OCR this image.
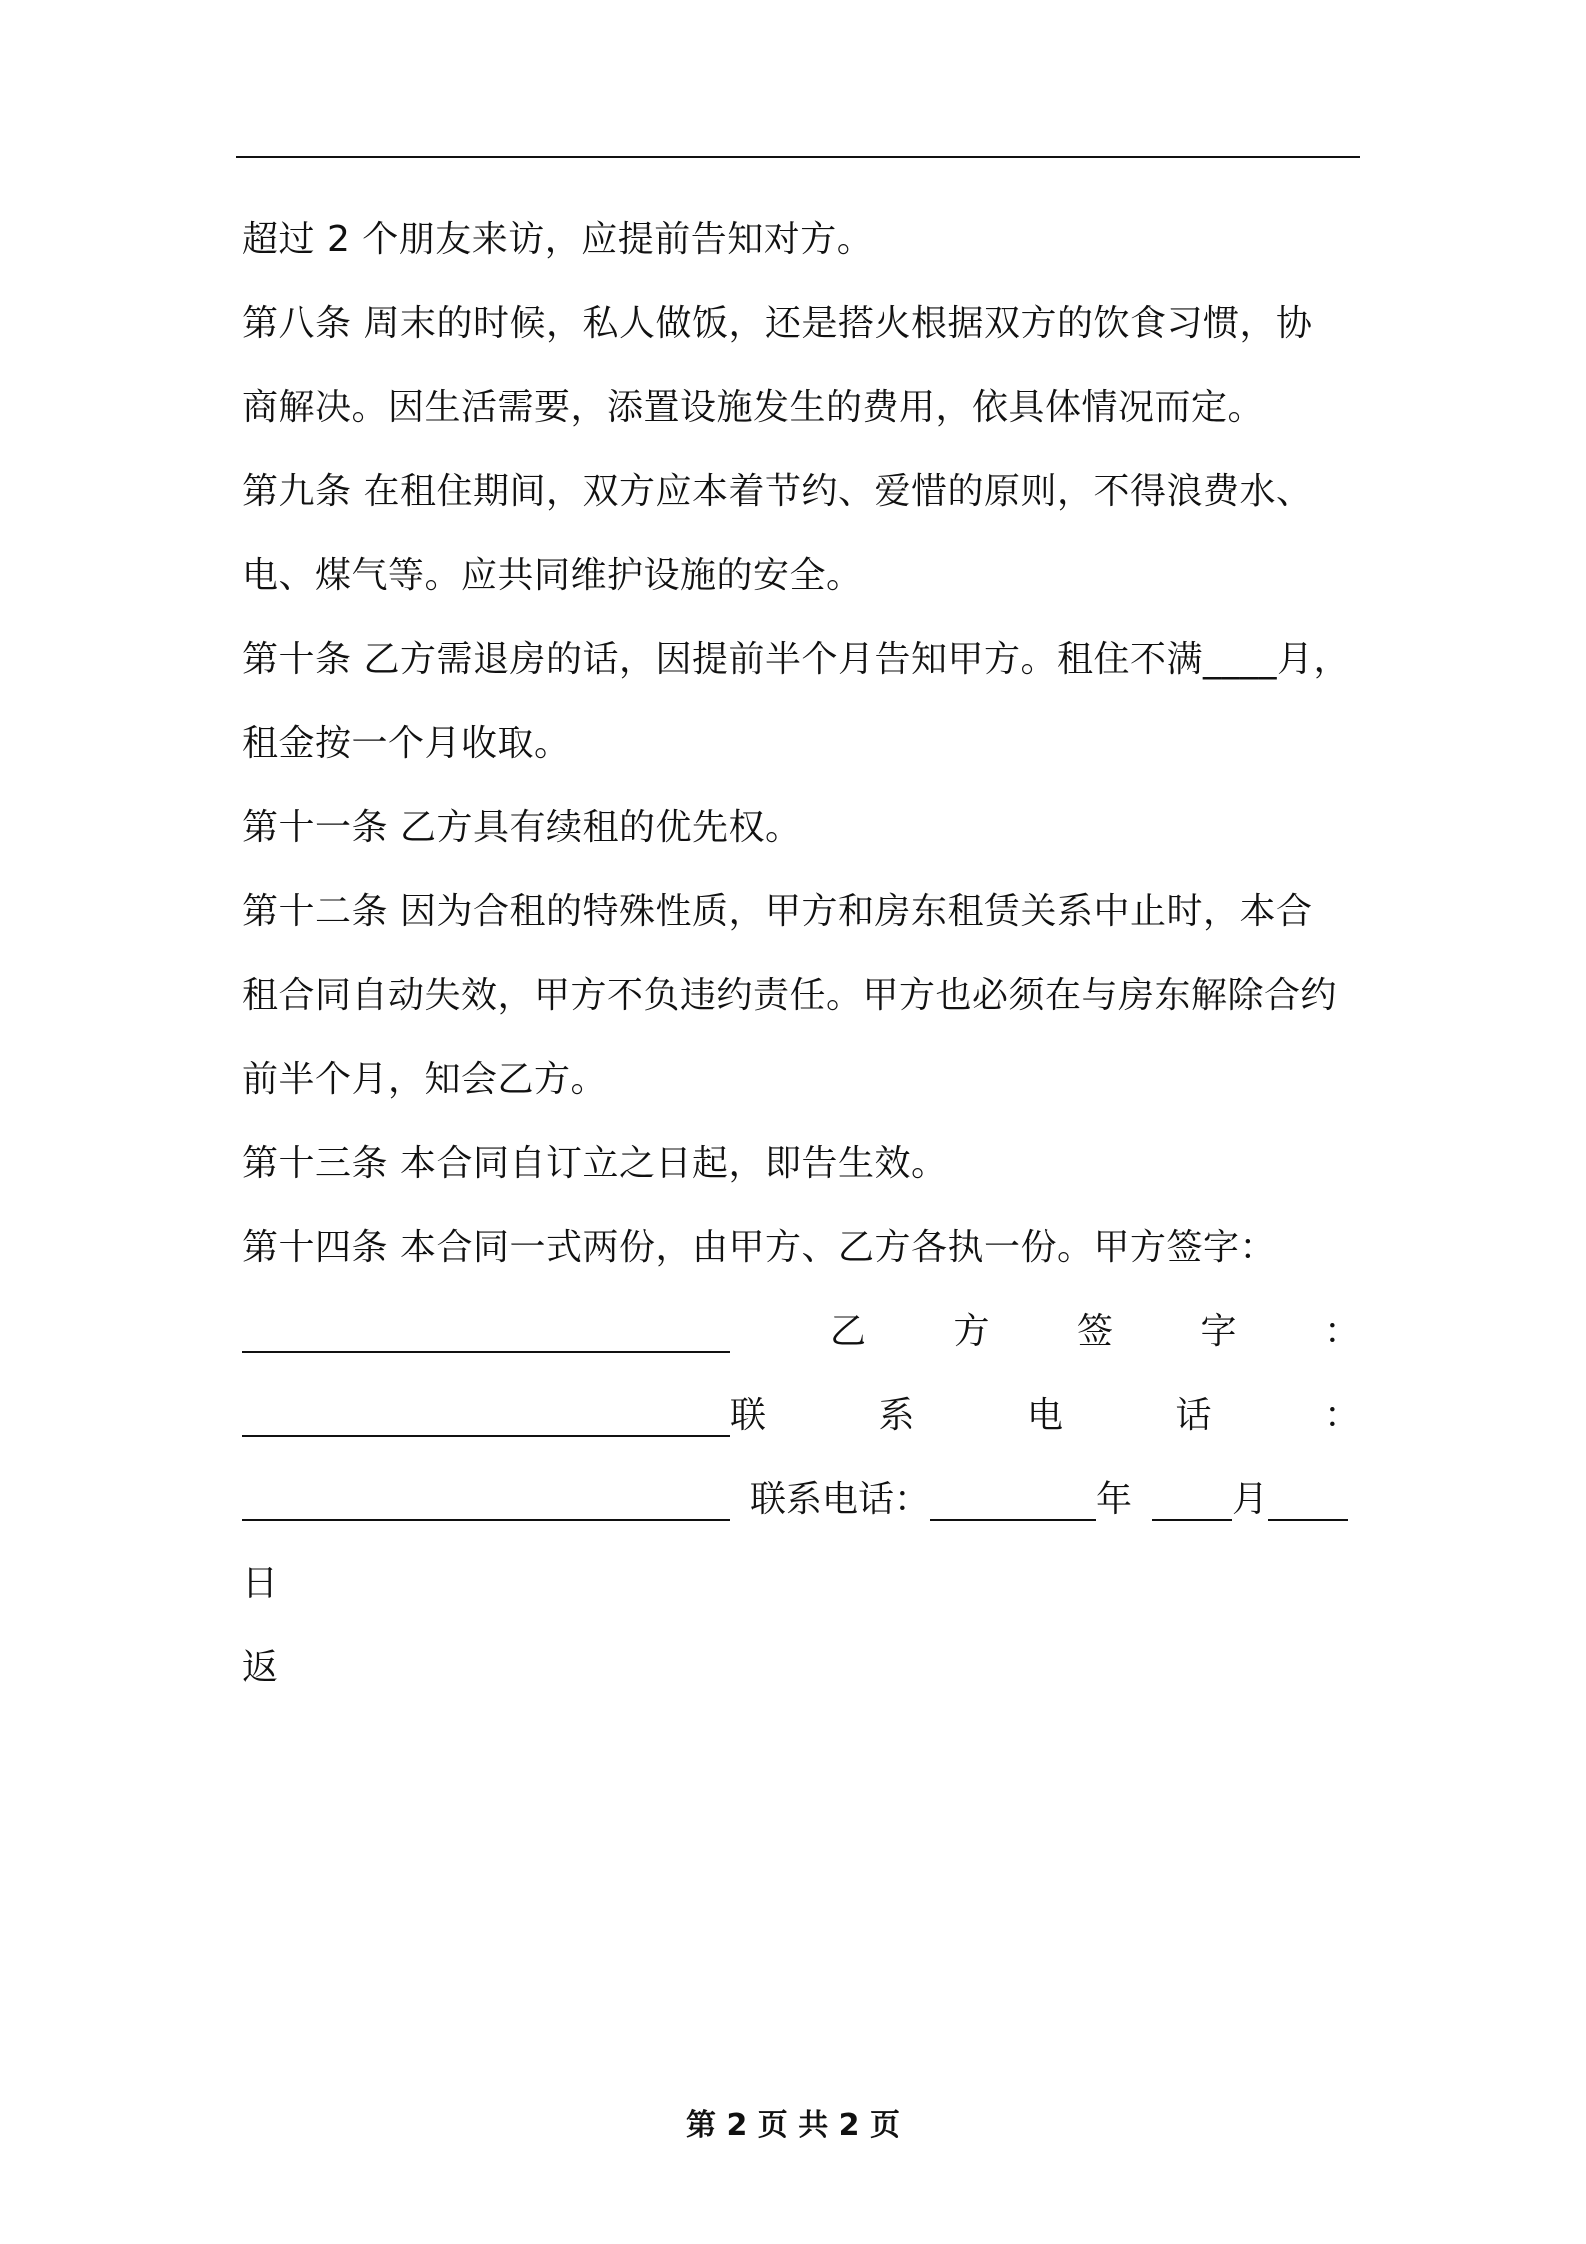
超过 2 个朋友来访，应提前告知对方。
第八条 周末的时候，私人做饭，还是搭火根据双方的饮食习惯，协
商解决。因生活需要，添置设施发生的费用，依具体情况而定。
第九条 在租住期间，双方应本着节约、爱惜的原则，不得浪费水、
电、煤气等。应共同维护设施的安全。
第十条 乙方需退房的话，因提前半个月告知甲方。租住不满____月，
租金按一个月收取。
第十一条 乙方具有续租的优先权。
第十二条 因为合租的特殊性质，甲方和房东租赁关系中止时，本合
租合同自动失效，甲方不负违约责任。甲方也必须在与房东解除合约
前半个月，知会乙方。
第十三条 本合同自订立之日起，即告生效。
第十四条 本合同一式两份，由甲方、乙方各执一份。甲方签字：
乙 方 签 字 ：
联	系	电	话	：
联系电话：	年	月
日
返
第 2 页 共 2 页
